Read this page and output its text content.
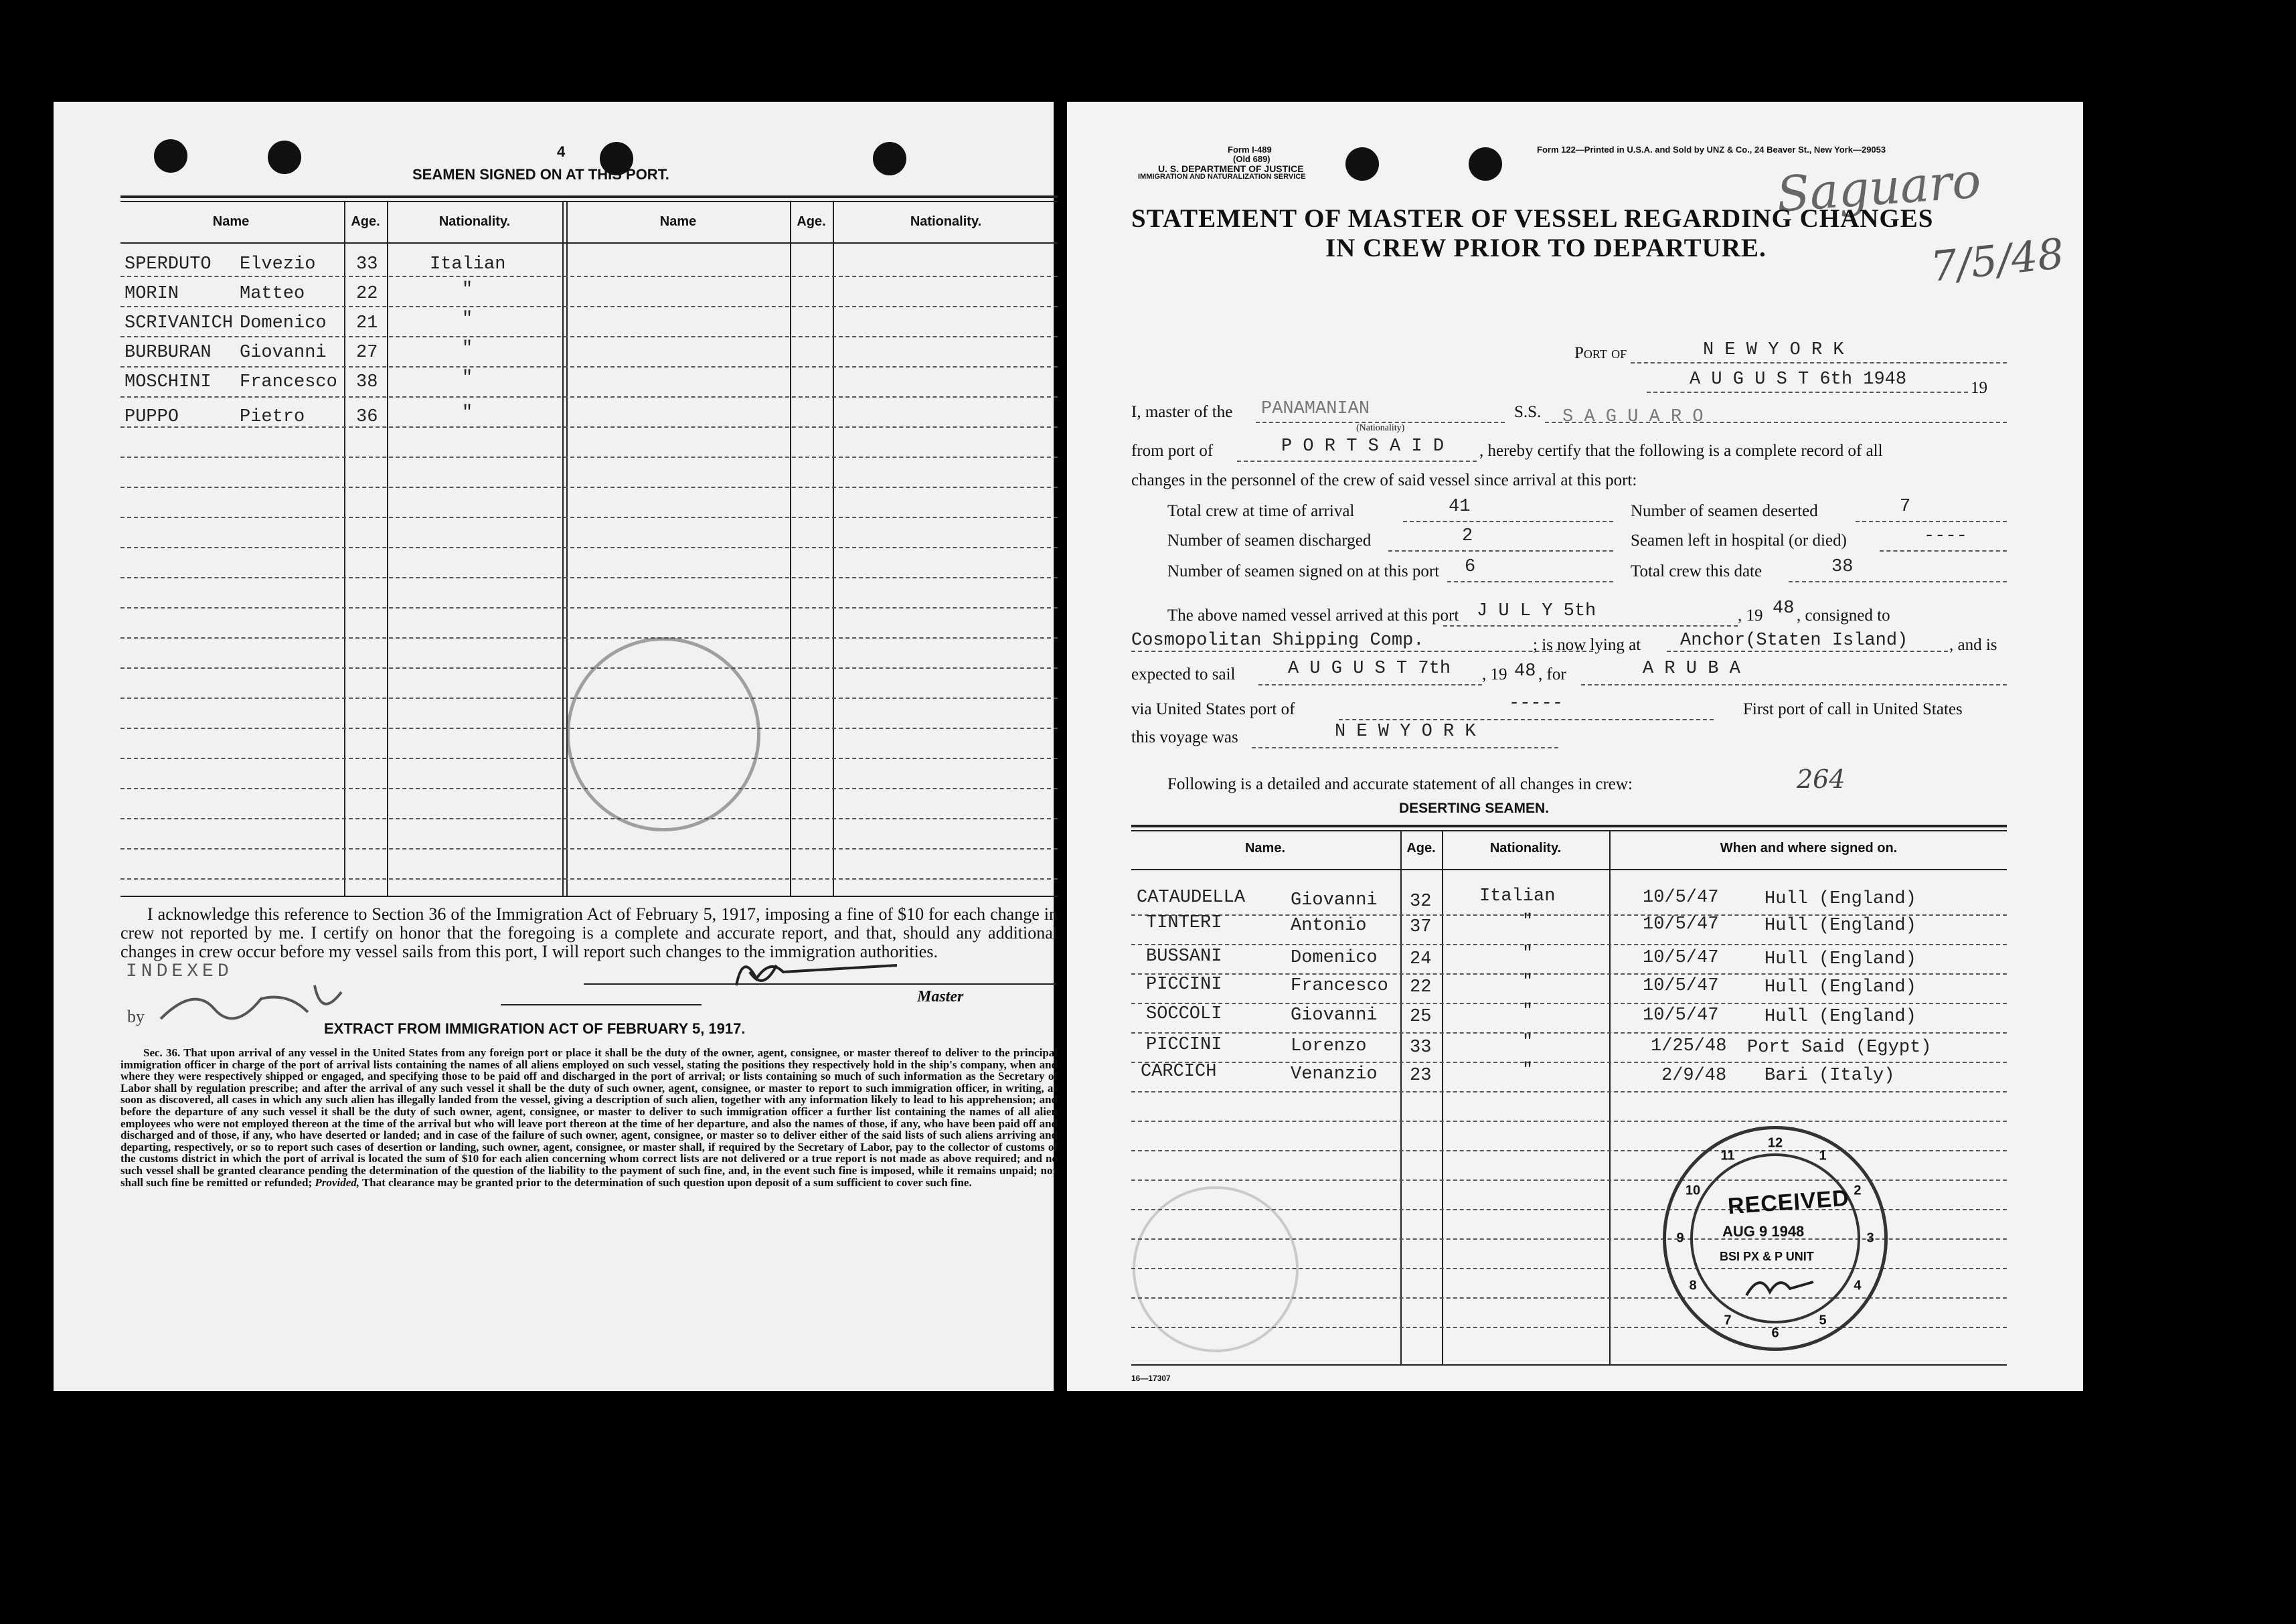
4
SEAMEN SIGNED ON AT THIS PORT.
Name	Age.	Nationality.	Name	Age.	Nationality.
SPERDUTO Elvezio 33	Italian
MORIN	Matteo	22	"
SCRIVANICH Domenico 21	"
BURBURAN Giovanni 27	"
MOSCHINI Francesco 38	"
PUPPO	Pietro	36	"
I acknowledge this reference to Section 36 of the Immigration Act of February 5, 1917, imposing a fine of $10 for each change in crew not reported by me. I certify on honor that the foregoing is a complete and accurate report, and that, should any additional changes in crew occur before my vessel sails from this port, I will report such changes to the immigration authorities.
INDEXED
by
Master
EXTRACT FROM IMMIGRATION ACT OF FEBRUARY 5, 1917.
Sec. 36. That upon arrival of any vessel in the United States from any foreign port or place it shall be the duty of the owner, agent, consignee, or master thereof to deliver to the principal immigration officer in charge of the port of arrival lists containing the names of all aliens employed on such vessel, stating the positions they respectively hold in the ship's company, when and where they were respectively shipped or engaged, and specifying those to be paid off and discharged in the port of arrival; or lists containing so much of such information as the Secretary of Labor shall by regulation prescribe; and after the arrival of any such vessel it shall be the duty of such owner, agent, consignee, or master to report to such immigration officer, in writing, as soon as discovered, all cases in which any such alien has illegally landed from the vessel, giving a description of such alien, together with any information likely to lead to his apprehension; and before the departure of any such vessel it shall be the duty of such owner, agent, consignee, or master to deliver to such immigration officer a further list containing the names of all alien employees who were not employed thereon at the time of the arrival but who will leave port thereon at the time of her departure, and also the names of those, if any, who have been paid off and discharged and of those, if any, who have deserted or landed; and in case of the failure of such owner, agent, consignee, or master so to deliver either of the said lists of such aliens arriving and departing, respectively, or so to report such cases of desertion or landing, such owner, agent, consignee, or master shall, if required by the Secretary of Labor, pay to the collector of customs of the customs district in which the port of arrival is located the sum of $10 for each alien concerning whom correct lists are not delivered or a true report is not made as above required; and no such vessel shall be granted clearance pending the determination of the question of the liability to the payment of such fine, and, in the event such fine is imposed, while it remains unpaid; nor shall such fine be remitted or refunded; Provided, That clearance may be granted prior to the determination of such question upon deposit of a sum sufficient to cover such fine.
Form I-489
(Old 689)
U. S. DEPARTMENT OF JUSTICE
IMMIGRATION AND NATURALIZATION SERVICE
Form 122—Printed in U.S.A. and Sold by UNZ & Co., 24 Beaver St., New York—29053
Saguaro
7/5/48
STATEMENT OF MASTER OF VESSEL REGARDING CHANGES
IN CREW PRIOR TO DEPARTURE.
Port of	N E W Y O R K
A U G U S T 6th 1948	19
I, master of the PANAMANIAN
(Nationality)
S.S. S A G U A R O
from port of	P O R T S A I D , hereby certify that the following is a complete record of all
changes in the personnel of the crew of said vessel since arrival at this port:
Total crew at time of arrival	41	Number of seamen deserted	7
Number of seamen discharged	2	Seamen left in hospital (or died)	----
Number of seamen signed on at this port 6	Total crew this date	38
The above named vessel arrived at this port J U L Y 5th	, 19 48 , consigned to
Cosmopolitan Shipping Comp.	; is now lying at Anchor(Staten Island) , and is
expected to sail	A U G U S T 7th , 19 48 , for	A R U B A
via United States port of	-----	First port of call in United States
this voyage was	N E W Y O R K
Following is a detailed and accurate statement of all changes in crew:	264
DESERTING SEAMEN.
Name.	Age.	Nationality.	When and where signed on.
CATAUDELLA	Giovanni 32	Italian	10/5/47	Hull (England)
TINTERI	Antonio 37	"	10/5/47	Hull (England)
BUSSANI	Domenico 24	"	10/5/47	Hull (England)
PICCINI	Francesco 22	"	10/5/47	Hull (England)
SOCCOLI	Giovanni 25	"	10/5/47	Hull (England)
PICCINI	Lorenzo 33	"	1/25/48 Port Said (Egypt)
CARCICH	Venanzio 23	"	2/9/48 Bari (Italy)
12
1
2
3
4
5
6
7
8
9
10
11
RECEIVED
AUG 9 1948
BSI PX & P UNIT
16—17307
